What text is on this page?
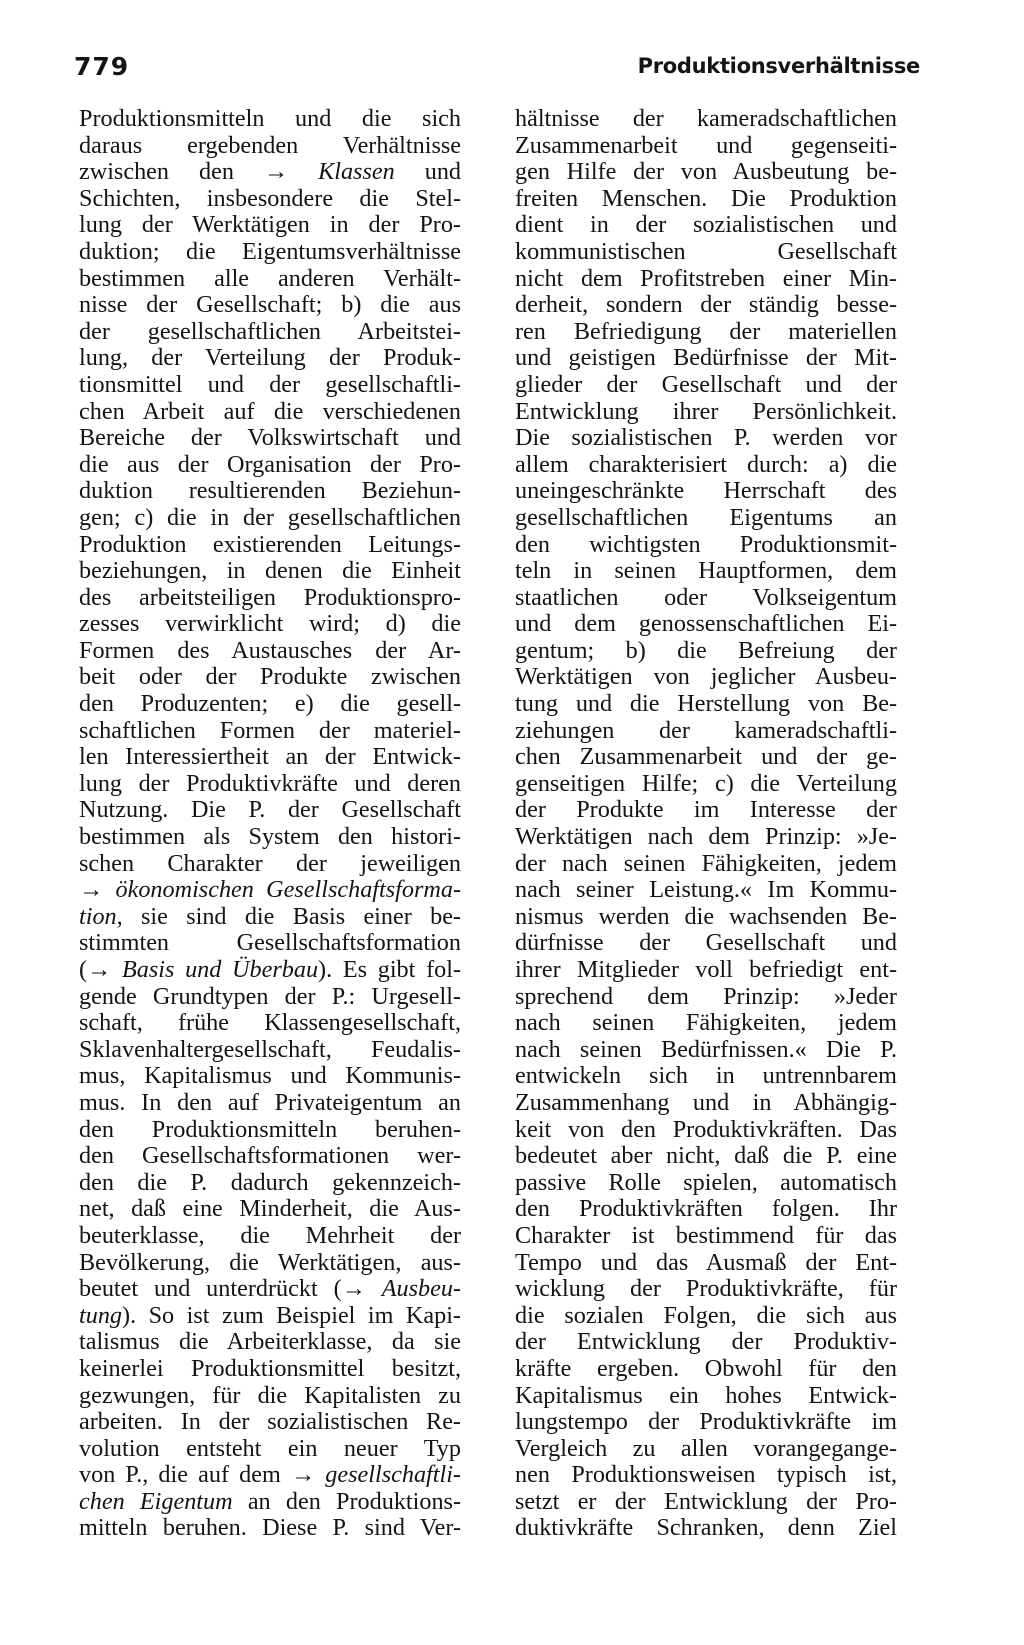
779	Produktionsverhältnisse
Produktionsmitteln und die sich
daraus ergebenden Verhältnisse
zwischen den → Klassen und
Schichten, insbesondere die Stel-
lung der Werktätigen in der Pro-
duktion; die Eigentumsverhältnisse
bestimmen alle anderen Verhält-
nisse der Gesellschaft; b) die aus
der gesellschaftlichen Arbeitstei-
lung, der Verteilung der Produk-
tionsmittel und der gesellschaftli-
chen Arbeit auf die verschiedenen
Bereiche der Volkswirtschaft und
die aus der Organisation der Pro-
duktion resultierenden Beziehun-
gen; c) die in der gesellschaftlichen
Produktion existierenden Leitungs-
beziehungen, in denen die Einheit
des arbeitsteiligen Produktionspro-
zesses verwirklicht wird; d) die
Formen des Austausches der Ar-
beit oder der Produkte zwischen
den Produzenten; e) die gesell-
schaftlichen Formen der materiel-
len Interessiertheit an der Entwick-
lung der Produktivkräfte und deren
Nutzung. Die P. der Gesellschaft
bestimmen als System den histori-
schen Charakter der jeweiligen
→ ökonomischen Gesellschaftsforma-
tion, sie sind die Basis einer be-
stimmten Gesellschaftsformation
(→ Basis und Überbau). Es gibt fol-
gende Grundtypen der P.: Urgesell-
schaft, frühe Klassengesellschaft,
Sklavenhaltergesellschaft, Feudalis-
mus, Kapitalismus und Kommunis-
mus. In den auf Privateigentum an
den Produktionsmitteln beruhen-
den Gesellschaftsformationen wer-
den die P. dadurch gekennzeich-
net, daß eine Minderheit, die Aus-
beuterklasse, die Mehrheit der
Bevölkerung, die Werktätigen, aus-
beutet und unterdrückt (→ Ausbeu-
tung). So ist zum Beispiel im Kapi-
talismus die Arbeiterklasse, da sie
keinerlei Produktionsmittel besitzt,
gezwungen, für die Kapitalisten zu
arbeiten. In der sozialistischen Re-
volution entsteht ein neuer Typ
von P., die auf dem → gesellschaftli-
chen Eigentum an den Produktions-
mitteln beruhen. Diese P. sind Ver-
hältnisse der kameradschaftlichen
Zusammenarbeit und gegenseiti-
gen Hilfe der von Ausbeutung be-
freiten Menschen. Die Produktion
dient in der sozialistischen und
kommunistischen Gesellschaft
nicht dem Profitstreben einer Min-
derheit, sondern der ständig besse-
ren Befriedigung der materiellen
und geistigen Bedürfnisse der Mit-
glieder der Gesellschaft und der
Entwicklung ihrer Persönlichkeit.
Die sozialistischen P. werden vor
allem charakterisiert durch: a) die
uneingeschränkte Herrschaft des
gesellschaftlichen Eigentums an
den wichtigsten Produktionsmit-
teln in seinen Hauptformen, dem
staatlichen oder Volkseigentum
und dem genossenschaftlichen Ei-
gentum; b) die Befreiung der
Werktätigen von jeglicher Ausbeu-
tung und die Herstellung von Be-
ziehungen der kameradschaftli-
chen Zusammenarbeit und der ge-
genseitigen Hilfe; c) die Verteilung
der Produkte im Interesse der
Werktätigen nach dem Prinzip: »Je-
der nach seinen Fähigkeiten, jedem
nach seiner Leistung.« Im Kommu-
nismus werden die wachsenden Be-
dürfnisse der Gesellschaft und
ihrer Mitglieder voll befriedigt ent-
sprechend dem Prinzip: »Jeder
nach seinen Fähigkeiten, jedem
nach seinen Bedürfnissen.« Die P.
entwickeln sich in untrennbarem
Zusammenhang und in Abhängig-
keit von den Produktivkräften. Das
bedeutet aber nicht, daß die P. eine
passive Rolle spielen, automatisch
den Produktivkräften folgen. Ihr
Charakter ist bestimmend für das
Tempo und das Ausmaß der Ent-
wicklung der Produktivkräfte, für
die sozialen Folgen, die sich aus
der Entwicklung der Produktiv-
kräfte ergeben. Obwohl für den
Kapitalismus ein hohes Entwick-
lungstempo der Produktivkräfte im
Vergleich zu allen vorangegange-
nen Produktionsweisen typisch ist,
setzt er der Entwicklung der Pro-
duktivkräfte Schranken, denn Ziel
